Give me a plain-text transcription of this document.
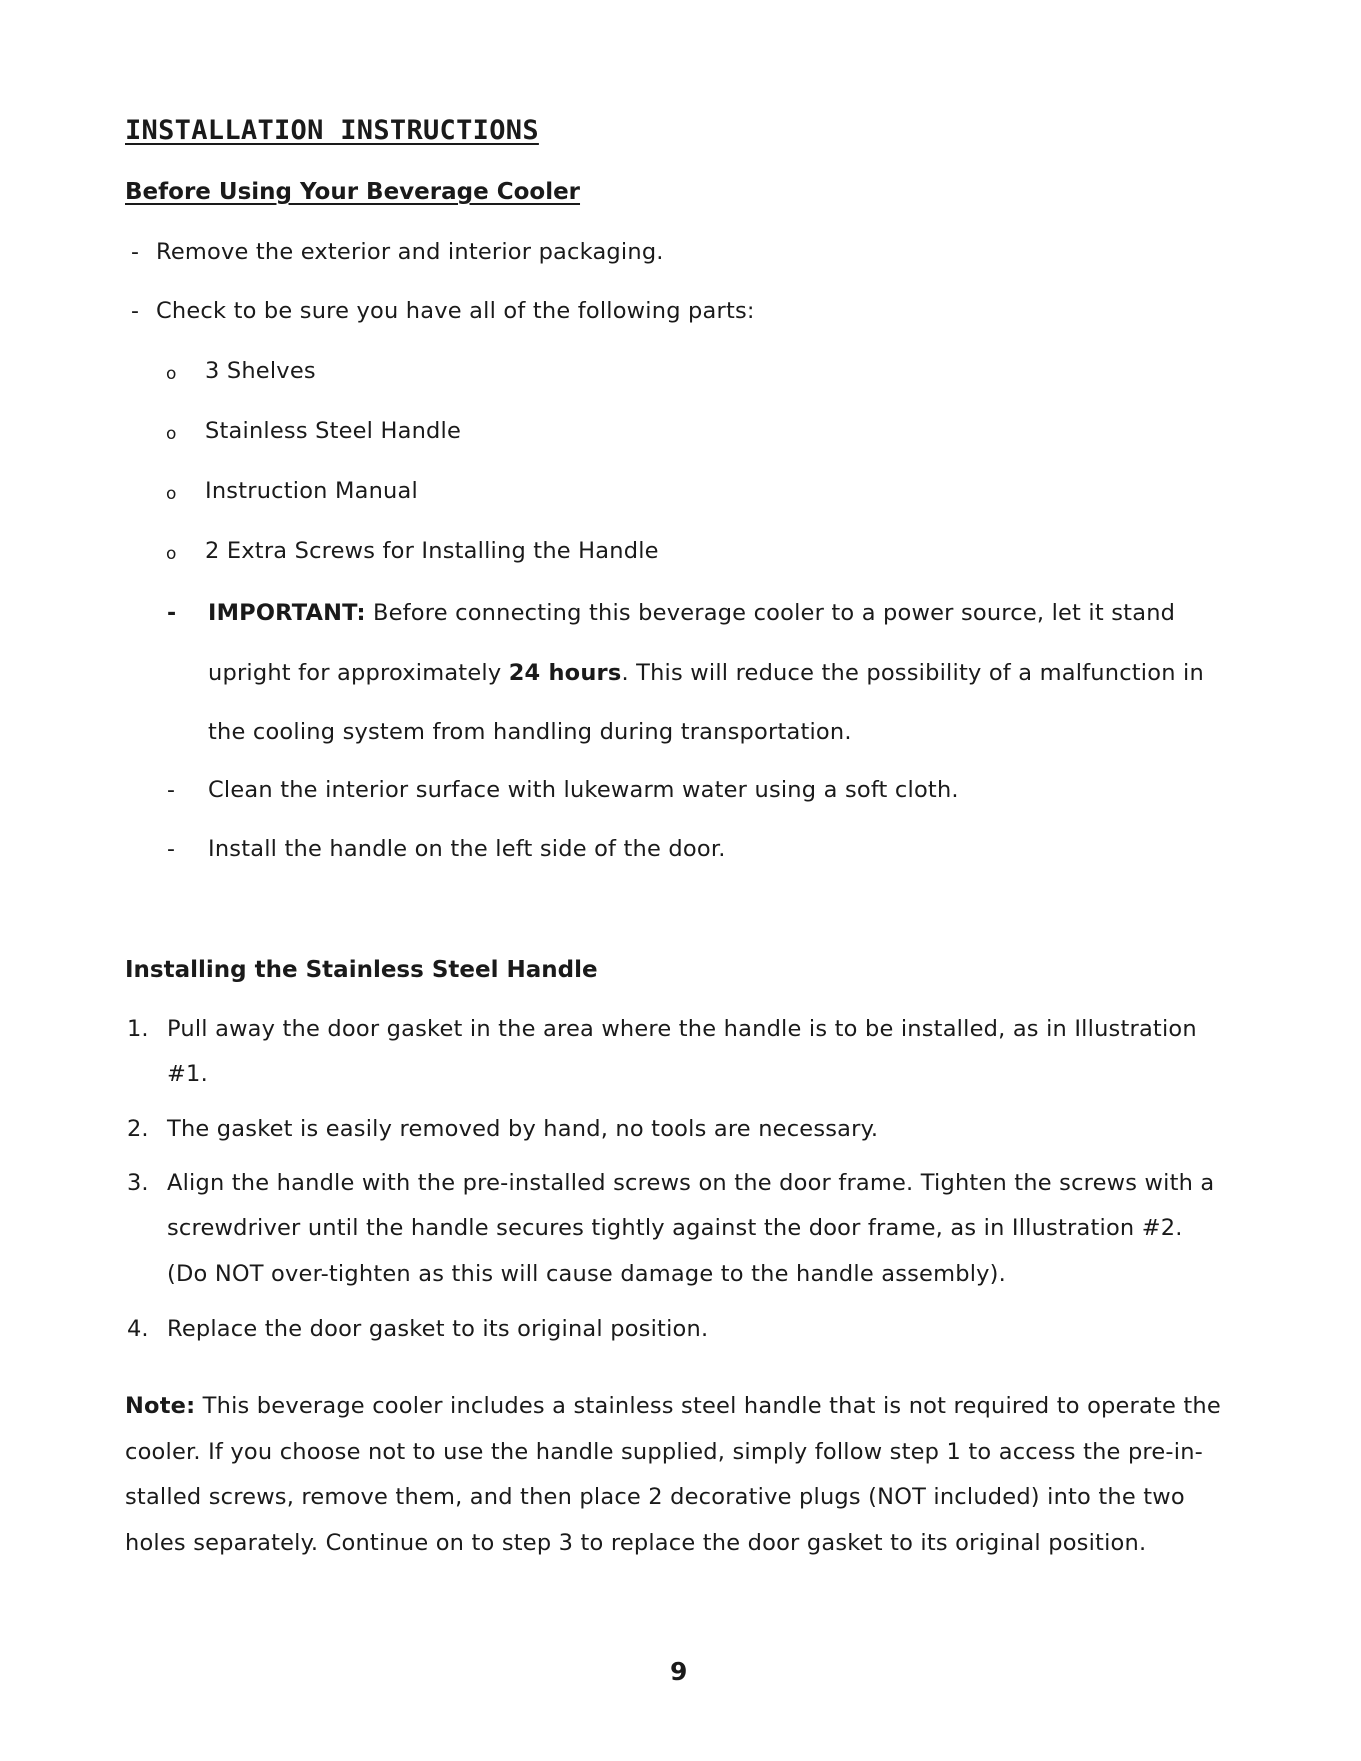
INSTALLATION INSTRUCTIONS
Before Using Your Beverage Cooler
- Remove the exterior and interior packaging.
- Check to be sure you have all of the following parts:
o 3 Shelves
o Stainless Steel Handle
o Instruction Manual
o 2 Extra Screws for Installing the Handle
- IMPORTANT: Before connecting this beverage cooler to a power source, let it stand
upright for approximately 24 hours. This will reduce the possibility of a malfunction in
the cooling system from handling during transportation.
- Clean the interior surface with lukewarm water using a soft cloth.
- Install the handle on the left side of the door.
Installing the Stainless Steel Handle
1. Pull away the door gasket in the area where the handle is to be installed, as in Illustration
#1.
2. The gasket is easily removed by hand, no tools are necessary.
3. Align the handle with the pre-installed screws on the door frame. Tighten the screws with a
screwdriver until the handle secures tightly against the door frame, as in Illustration #2.
(Do NOT over-tighten as this will cause damage to the handle assembly).
4. Replace the door gasket to its original position.
Note: This beverage cooler includes a stainless steel handle that is not required to operate the
cooler. If you choose not to use the handle supplied, simply follow step 1 to access the pre-in-
stalled screws, remove them, and then place 2 decorative plugs (NOT included) into the two
holes separately. Continue on to step 3 to replace the door gasket to its original position.
9
